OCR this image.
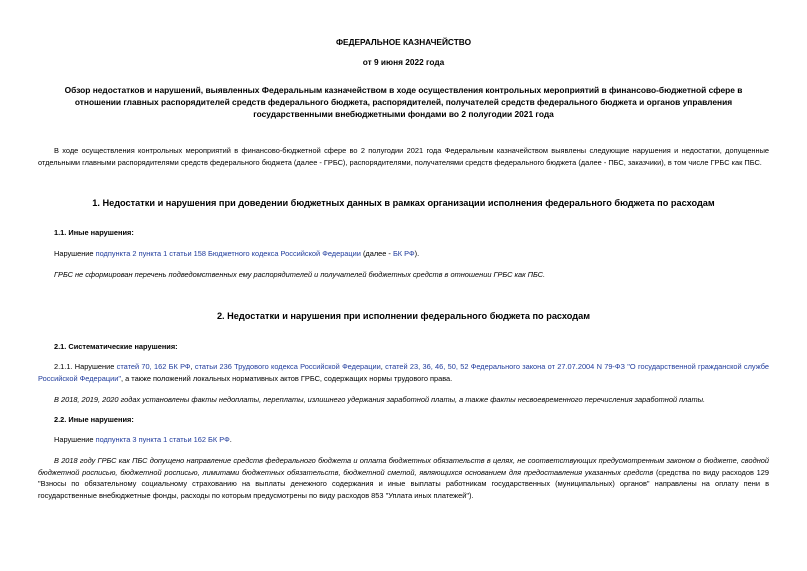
ФЕДЕРАЛЬНОЕ КАЗНАЧЕЙСТВО
от 9 июня 2022 года
Обзор недостатков и нарушений, выявленных Федеральным казначейством в ходе осуществления контрольных мероприятий в финансово-бюджетной сфере в отношении главных распорядителей средств федерального бюджета, распорядителей, получателей средств федерального бюджета и органов управления государственными внебюджетными фондами во 2 полугодии 2021 года
В ходе осуществления контрольных мероприятий в финансово-бюджетной сфере во 2 полугодии 2021 года Федеральным казначейством выявлены следующие нарушения и недостатки, допущенные отдельными главными распорядителями средств федерального бюджета (далее - ГРБС), распорядителями, получателями средств федерального бюджета (далее - ПБС, заказчики), в том числе ГРБС как ПБС.
1. Недостатки и нарушения при доведении бюджетных данных в рамках организации исполнения федерального бюджета по расходам
1.1. Иные нарушения:
Нарушение подпункта 2 пункта 1 статьи 158 Бюджетного кодекса Российской Федерации (далее - БК РФ).
ГРБС не сформирован перечень подведомственных ему распорядителей и получателей бюджетных средств в отношении ГРБС как ПБС.
2. Недостатки и нарушения при исполнении федерального бюджета по расходам
2.1. Систематические нарушения:
2.1.1. Нарушение статей 70, 162 БК РФ, статьи 236 Трудового кодекса Российской Федерации, статей 23, 36, 46, 50, 52 Федерального закона от 27.07.2004 N 79-ФЗ "О государственной гражданской службе Российской Федерации", а также положений локальных нормативных актов ГРБС, содержащих нормы трудового права.
В 2018, 2019, 2020 годах установлены факты недоплаты, переплаты, излишнего удержания заработной платы, а также факты несвоевременного перечисления заработной платы.
2.2. Иные нарушения:
Нарушение подпункта 3 пункта 1 статьи 162 БК РФ.
В 2018 году ГРБС как ПБС допущено направление средств федерального бюджета и оплата бюджетных обязательств в целях, не соответствующих предусмотренным законом о бюджете, сводной бюджетной росписью, бюджетной росписью, лимитами бюджетных обязательств, бюджетной сметой, являющихся основанием для предоставления указанных средств (средства по виду расходов 129 "Взносы по обязательному социальному страхованию на выплаты денежного содержания и иные выплаты работникам государственных (муниципальных) органов" направлены на оплату пени в государственные внебюджетные фонды, расходы по которым предусмотрены по виду расходов 853 "Уплата иных платежей").
